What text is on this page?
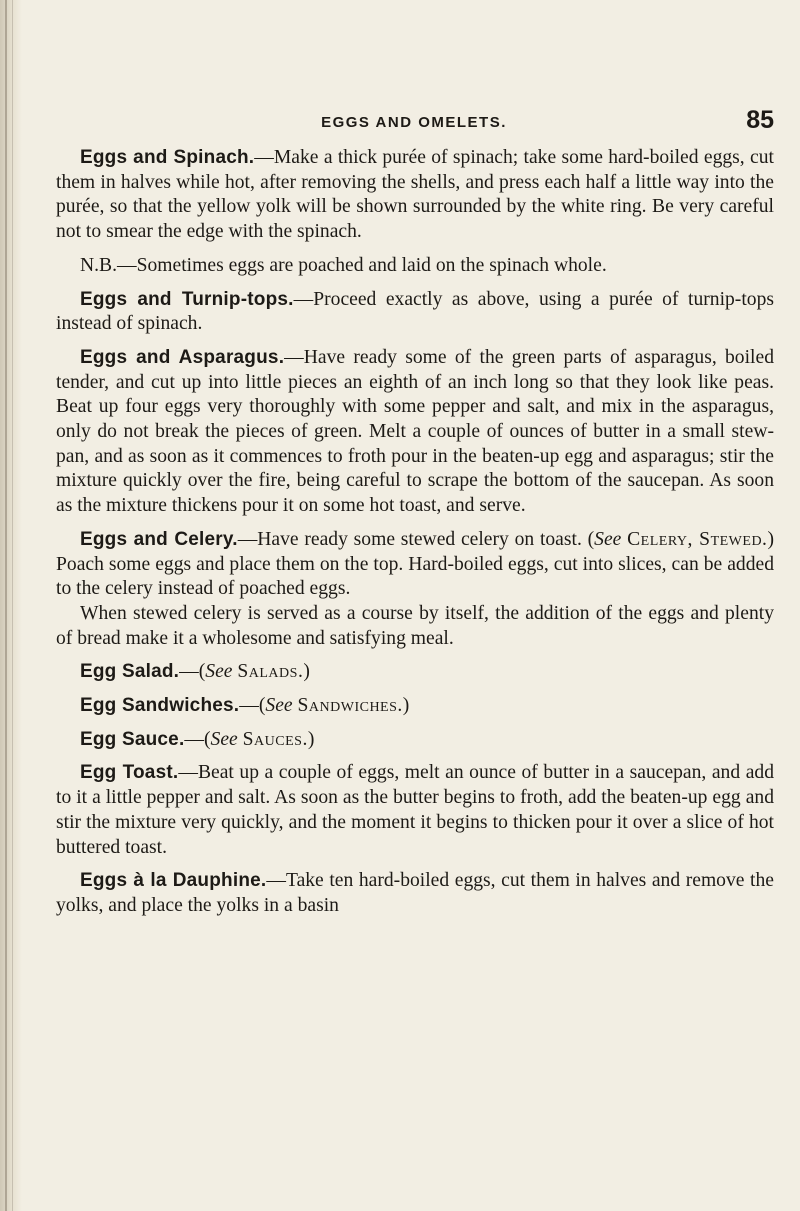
EGGS AND OMELETS.	85

Eggs and Spinach.—Make a thick purée of spinach; take some hard-boiled eggs, cut them in halves while hot, after removing the shells, and press each half a little way into the purée, so that the yellow yolk will be shown surrounded by the white ring. Be very careful not to smear the edge with the spinach.

N.B.—Sometimes eggs are poached and laid on the spinach whole.

Eggs and Turnip-tops.—Proceed exactly as above, using a purée of turnip-tops instead of spinach.

Eggs and Asparagus.—Have ready some of the green parts of asparagus, boiled tender, and cut up into little pieces an eighth of an inch long so that they look like peas. Beat up four eggs very thoroughly with some pepper and salt, and mix in the asparagus, only do not break the pieces of green. Melt a couple of ounces of butter in a small stew-pan, and as soon as it commences to froth pour in the beaten-up egg and asparagus; stir the mixture quickly over the fire, being careful to scrape the bottom of the saucepan. As soon as the mixture thickens pour it on some hot toast, and serve.

Eggs and Celery.—Have ready some stewed celery on toast. (See Celery, Stewed.) Poach some eggs and place them on the top. Hard-boiled eggs, cut into slices, can be added to the celery instead of poached eggs.

When stewed celery is served as a course by itself, the addition of the eggs and plenty of bread make it a wholesome and satisfying meal.

Egg Salad.—(See Salads.)

Egg Sandwiches.—(See Sandwiches.)

Egg Sauce.—(See Sauces.)

Egg Toast.—Beat up a couple of eggs, melt an ounce of butter in a saucepan, and add to it a little pepper and salt. As soon as the butter begins to froth, add the beaten-up egg and stir the mixture very quickly, and the moment it begins to thicken pour it over a slice of hot buttered toast.

Eggs à la Dauphine.—Take ten hard-boiled eggs, cut them in halves and remove the yolks, and place the yolks in a basin
